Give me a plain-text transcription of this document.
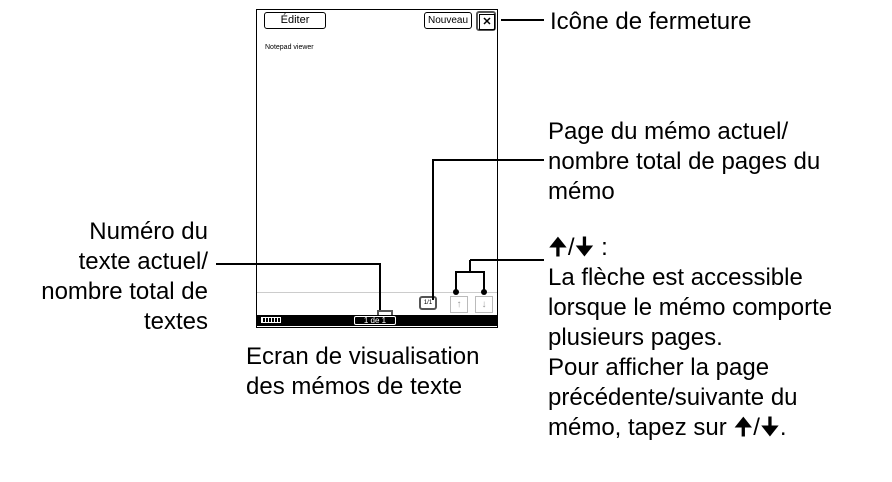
Éditer	Nouveau	✕
Notepad viewer
1/1	↑	↓
1 de 1
Icône de fermeture
Page du mémo actuel/
nombre total de pages du
mémo
🠉/🠋 :
La flèche est accessible
lorsque le mémo comporte
plusieurs pages.
Pour afficher la page
précédente/suivante du
mémo, tapez sur 🠉/🠋.
Numéro du
texte actuel/
nombre total de
textes
Ecran de visualisation
des mémos de texte
